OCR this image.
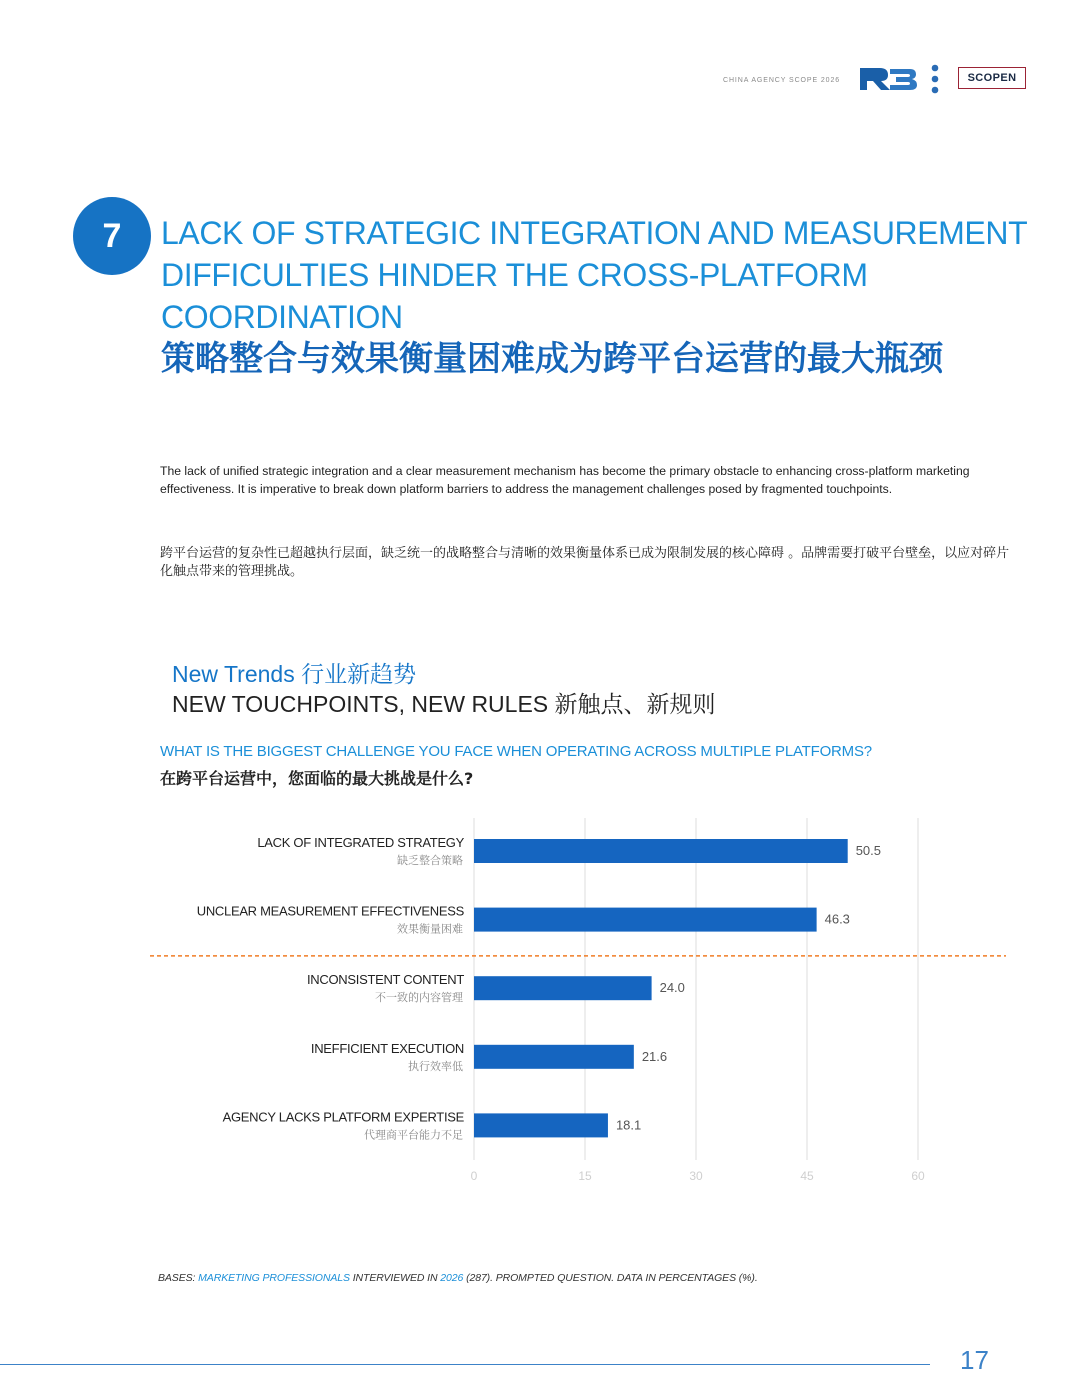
CHINA AGENCY SCOPE 2026	SCOPEN
7	LACK OF STRATEGIC INTEGRATION AND MEASUREMENT DIFFICULTIES HINDER THE CROSS-PLATFORM COORDINATION
策略整合与效果衡量困难成为跨平台运营的最大瓶颈
The lack of unified strategic integration and a clear measurement mechanism has become the primary obstacle to enhancing cross-platform marketing effectiveness. It is imperative to break down platform barriers to address the management challenges posed by fragmented touchpoints.
跨平台运营的复杂性已超越执行层面，缺乏统一的战略整合与清晰的效果衡量体系已成为限制发展的核心障碍 。品牌需要打破平台壁垒，以应对碎片化触点带来的管理挑战。
New Trends 行业新趋势
NEW TOUCHPOINTS, NEW RULES 新触点、新规则
WHAT IS THE BIGGEST CHALLENGE YOU FACE WHEN OPERATING ACROSS MULTIPLE PLATFORMS?
在跨平台运营中，您面临的最大挑战是什么?
0	15	30	45	60
50.5
LACK OF INTEGRATED STRATEGY
缺乏整合策略
46.3
UNCLEAR MEASUREMENT EFFECTIVENESS
效果衡量困难
24.0
INCONSISTENT CONTENT
不一致的内容管理
21.6
INEFFICIENT EXECUTION
执行效率低
18.1
AGENCY LACKS PLATFORM EXPERTISE
代理商平台能力不足
BASES: MARKETING PROFESSIONALS INTERVIEWED IN 2026 (287). PROMPTED QUESTION. DATA IN PERCENTAGES (%).
17
